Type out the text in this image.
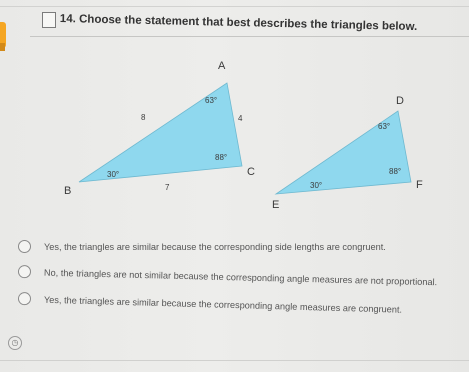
14. Choose the statement that best describes the triangles below.
A
B
C
63°
30°
88°
8	4
7
D
E
F
63°
30°
88°
Yes, the triangles are similar because the corresponding side lengths are congruent.
No, the triangles are not similar because the corresponding angle measures are not proportional.
Yes, the triangles are similar because the corresponding angle measures are congruent.
◷
